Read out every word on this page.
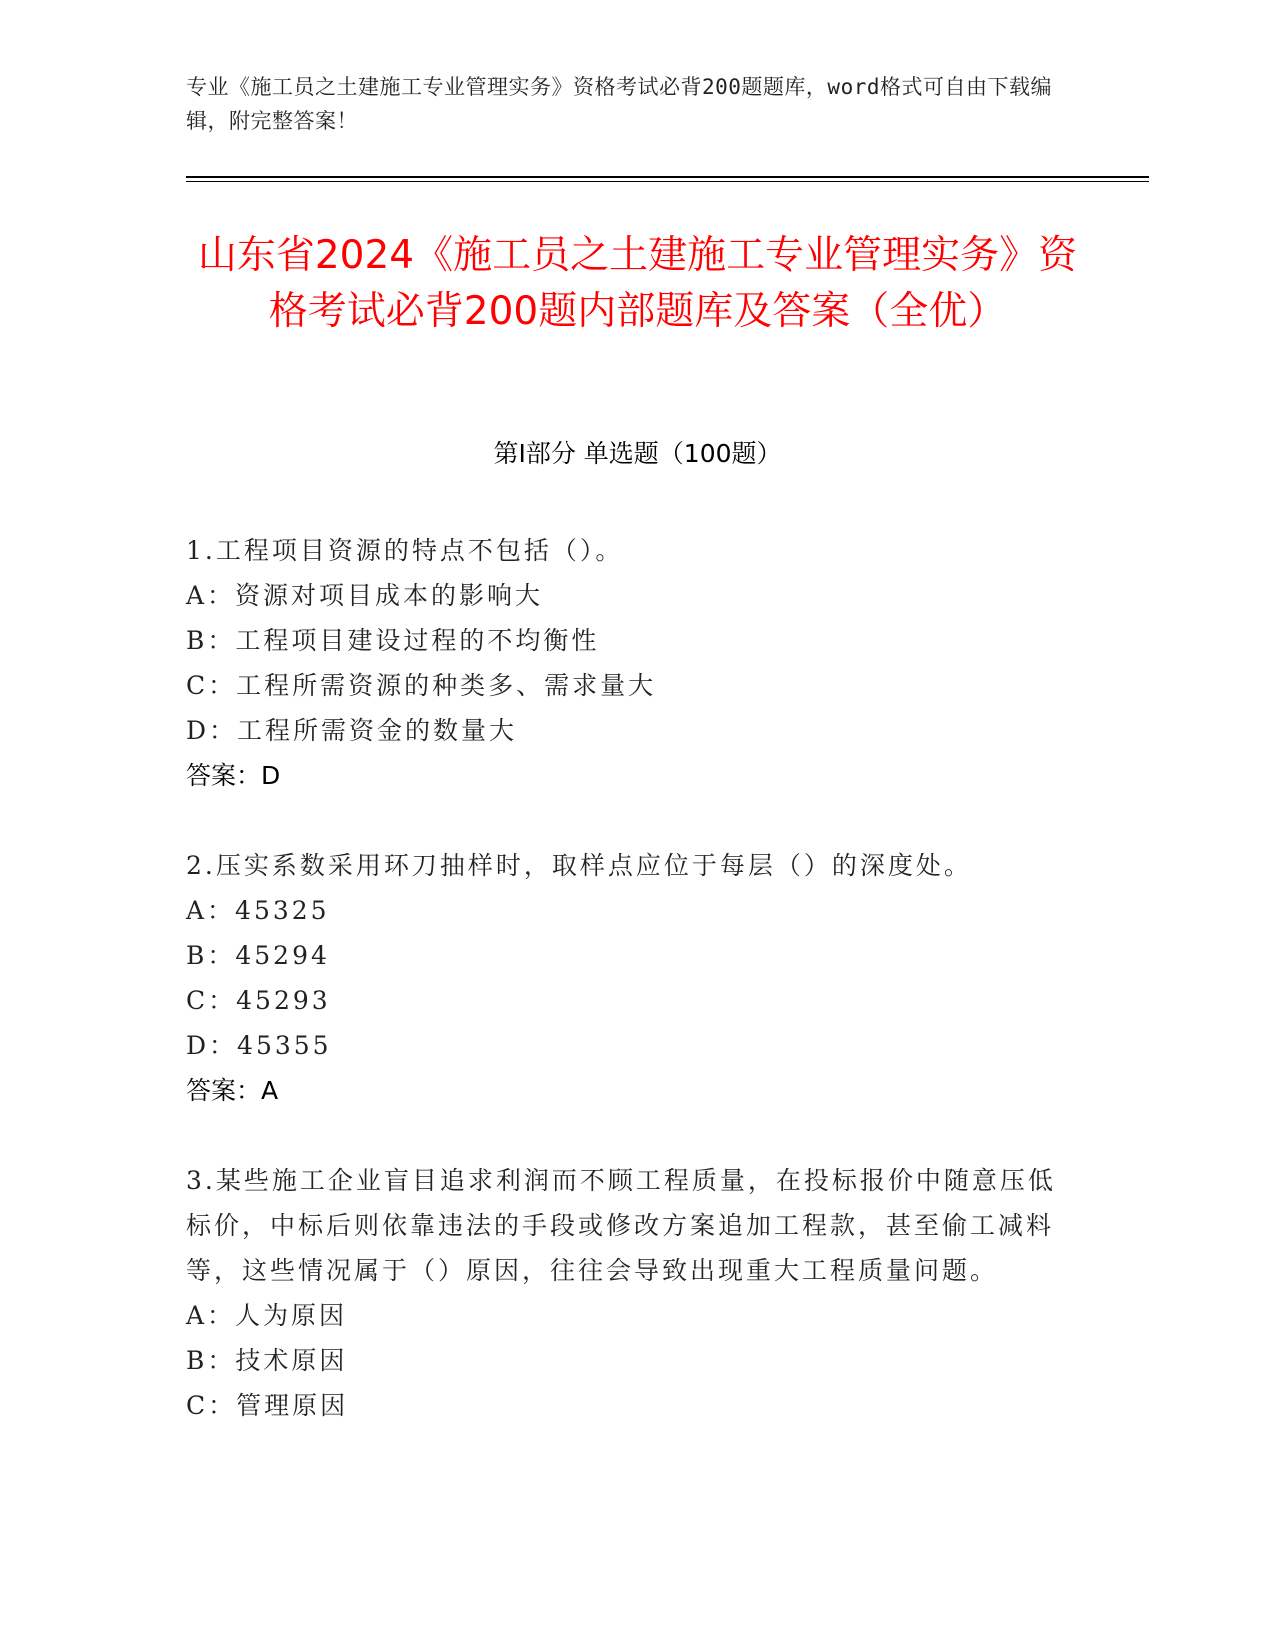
专业《施工员之土建施工专业管理实务》资格考试必背200题题库，word格式可自由下载编辑，附完整答案！
山东省2024《施工员之土建施工专业管理实务》资格考试必背200题内部题库及答案（全优）
第I部分 单选题（100题）

1.工程项目资源的特点不包括（）。

A：资源对项目成本的影响大

B：工程项目建设过程的不均衡性

C：工程所需资源的种类多、需求量大

D：工程所需资金的数量大

答案：D

2.压实系数采用环刀抽样时，取样点应位于每层（）的深度处。

A：45325

B：45294

C：45293

D：45355

答案：A

3.某些施工企业盲目追求利润而不顾工程质量，在投标报价中随意压低标价，中标后则依靠违法的手段或修改方案追加工程款，甚至偷工减料等，这些情况属于（）原因，往往会导致出现重大工程质量问题。

A：人为原因

B：技术原因

C：管理原因
